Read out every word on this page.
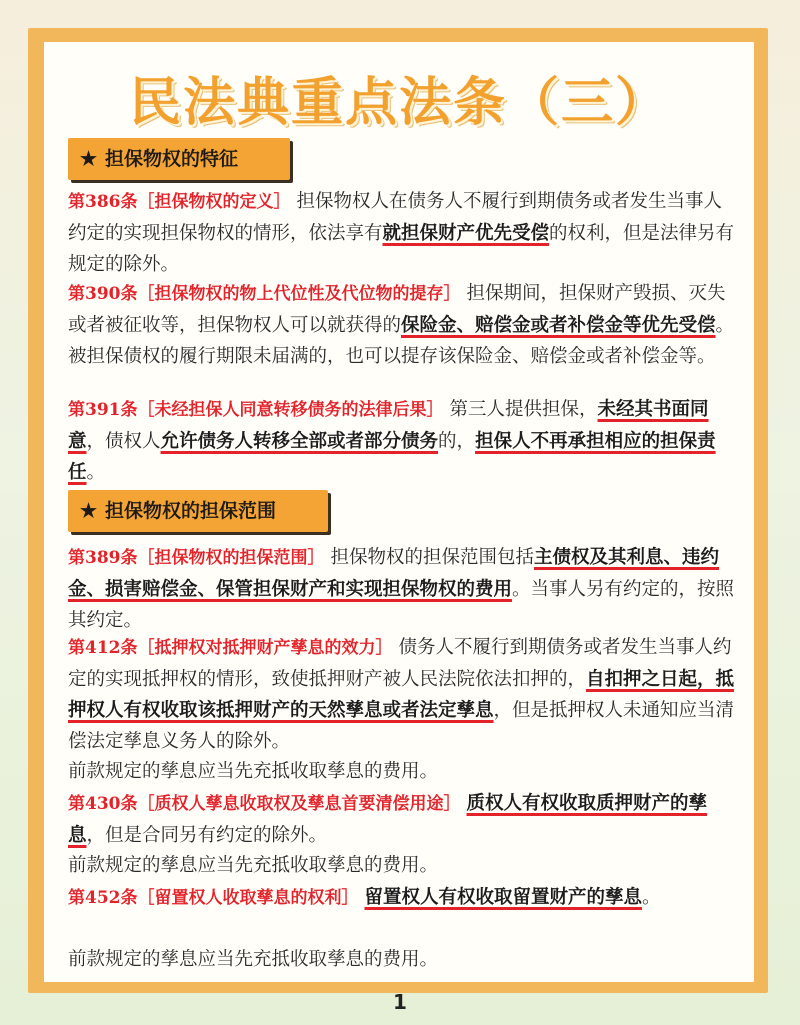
民法典重点法条（三）
★ 担保物权的特征
第386条［担保物权的定义］ 担保物权人在债务人不履行到期债务或者发生当事人约定的实现担保物权的情形，依法享有就担保财产优先受偿的权利，但是法律另有规定的除外。
第390条［担保物权的物上代位性及代位物的提存］ 担保期间，担保财产毁损、灭失或者被征收等，担保物权人可以就获得的保险金、赔偿金或者补偿金等优先受偿。被担保债权的履行期限未届满的，也可以提存该保险金、赔偿金或者补偿金等。
第391条［未经担保人同意转移债务的法律后果］ 第三人提供担保，未经其书面同意，债权人允许债务人转移全部或者部分债务的，担保人不再承担相应的担保责任。
★ 担保物权的担保范围
第389条［担保物权的担保范围］ 担保物权的担保范围包括主债权及其利息、违约金、损害赔偿金、保管担保财产和实现担保物权的费用。当事人另有约定的，按照其约定。
第412条［抵押权对抵押财产孳息的效力］ 债务人不履行到期债务或者发生当事人约定的实现抵押权的情形，致使抵押财产被人民法院依法扣押的，自扣押之日起，抵押权人有权收取该抵押财产的天然孳息或者法定孳息，但是抵押权人未通知应当清偿法定孳息义务人的除外。
前款规定的孳息应当先充抵收取孳息的费用。
第430条［质权人孳息收取权及孳息首要清偿用途］ 质权人有权收取质押财产的孳息，但是合同另有约定的除外。
前款规定的孳息应当先充抵收取孳息的费用。
第452条［留置权人收取孳息的权利］ 留置权人有权收取留置财产的孳息。
前款规定的孳息应当先充抵收取孳息的费用。
1
